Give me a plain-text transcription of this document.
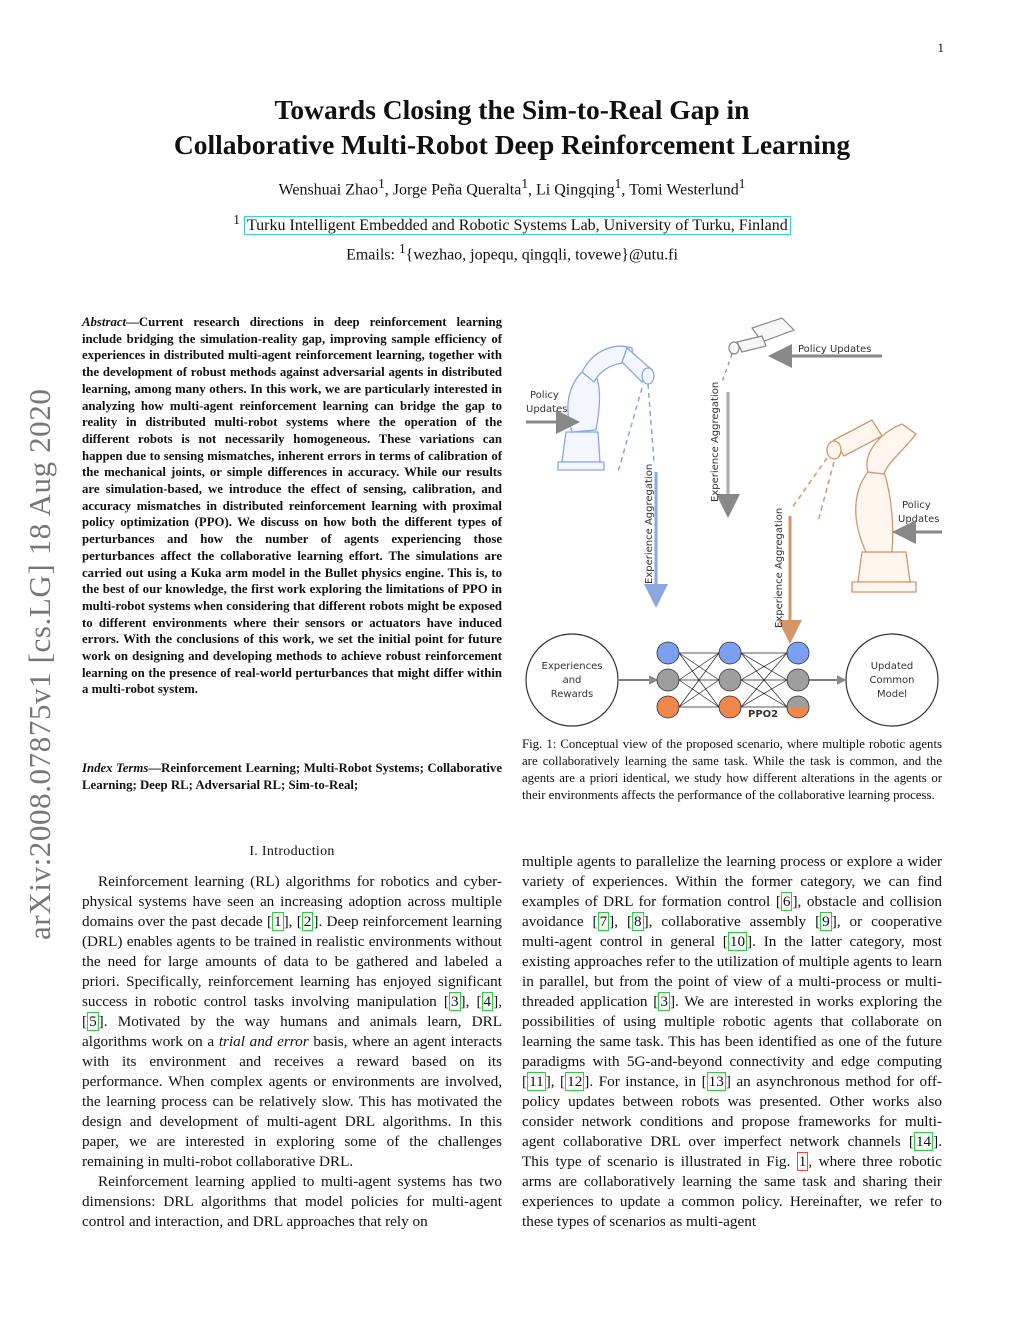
1
arXiv:2008.07875v1 [cs.LG] 18 Aug 2020
Towards Closing the Sim-to-Real Gap in
Collaborative Multi-Robot Deep Reinforcement Learning
Wenshuai Zhao$^1$, Jorge Peña Queralta$^1$, Li Qingqing$^1$, Tomi Westerlund$^1$
$^1$ Turku Intelligent Embedded and Robotic Systems Lab, University of Turku, Finland
Emails: $^1${wezhao, jopequ, qingqli, tovewe}@utu.fi
Abstract—Current research directions in deep reinforcement learning include bridging the simulation-reality gap, improving sample efficiency of experiences in distributed multi-agent reinforcement learning, together with the development of robust methods against adversarial agents in distributed learning, among many others. In this work, we are particularly interested in analyzing how multi-agent reinforcement learning can bridge the gap to reality in distributed multi-robot systems where the operation of the different robots is not necessarily homogeneous. These variations can happen due to sensing mismatches, inherent errors in terms of calibration of the mechanical joints, or simple differences in accuracy. While our results are simulation-based, we introduce the effect of sensing, calibration, and accuracy mismatches in distributed reinforcement learning with proximal policy optimization (PPO). We discuss on how both the different types of perturbances and how the number of agents experiencing those perturbances affect the collaborative learning effort. The simulations are carried out using a Kuka arm model in the Bullet physics engine. This is, to the best of our knowledge, the first work exploring the limitations of PPO in multi-robot systems when considering that different robots might be exposed to different environments where their sensors or actuators have induced errors. With the conclusions of this work, we set the initial point for future work on designing and developing methods to achieve robust reinforcement learning on the presence of real-world perturbances that might differ within a multi-robot system.
Index Terms—Reinforcement Learning; Multi-Robot Systems; Collaborative Learning; Deep RL; Adversarial RL; Sim-to-Real;
I. Introduction

Reinforcement learning (RL) algorithms for robotics and cyber-physical systems have seen an increasing adoption across multiple domains over the past decade [ 1 ], [ 2 ]. Deep reinforcement learning (DRL) enables agents to be trained in realistic environments without the need for large amounts of data to be gathered and labeled a priori. Specifically, reinforcement learning has enjoyed significant success in robotic control tasks involving manipulation [ 3 ], [ 4 ], [ 5 ]. Motivated by the way humans and animals learn, DRL algorithms work on a trial and error basis, where an agent interacts with its environment and receives a reward based on its performance. When complex agents or environments are involved, the learning process can be relatively slow. This has motivated the design and development of multi-agent DRL algorithms. In this paper, we are interested in exploring some of the challenges remaining in multi-robot collaborative DRL.

Reinforcement learning applied to multi-agent systems has two dimensions: DRL algorithms that model policies for multi-agent control and interaction, and DRL approaches that rely on

multiple agents to parallelize the learning process or explore a wider variety of experiences. Within the former category, we can find examples of DRL for formation control [ 6 ], obstacle and collision avoidance [ 7 ], [ 8 ], collaborative assembly [ 9 ], or cooperative multi-agent control in general [ 10 ]. In the latter category, most existing approaches refer to the utilization of multiple agents to learn in parallel, but from the point of view of a multi-process or multi-threaded application [ 3 ]. We are interested in works exploring the possibilities of using multiple robotic agents that collaborate on learning the same task. This has been identified as one of the future paradigms with 5G-and-beyond connectivity and edge computing [ 11 ], [ 12 ]. For instance, in [ 13 ] an asynchronous method for off-policy updates between robots was presented. Other works also consider network conditions and propose frameworks for multi-agent collaborative DRL over imperfect network channels [ 14 ]. This type of scenario is illustrated in Fig. 1 , where three robotic arms are collaboratively learning the same task and sharing their experiences to update a common policy. Hereinafter, we refer to these types of scenarios as multi-agent

Policy Updates
Policy
Updates
Policy
Updates
Experience Aggregation
Experience Aggregation
Experience Aggregation
Experiences
and
Rewards
Updated
Common
Model
PPO2
Fig. 1: Conceptual view of the proposed scenario, where multiple robotic agents are collaboratively learning the same task. While the task is common, and the agents are a priori identical, we study how different alterations in the agents or their environments affects the performance of the collaborative learning process.
